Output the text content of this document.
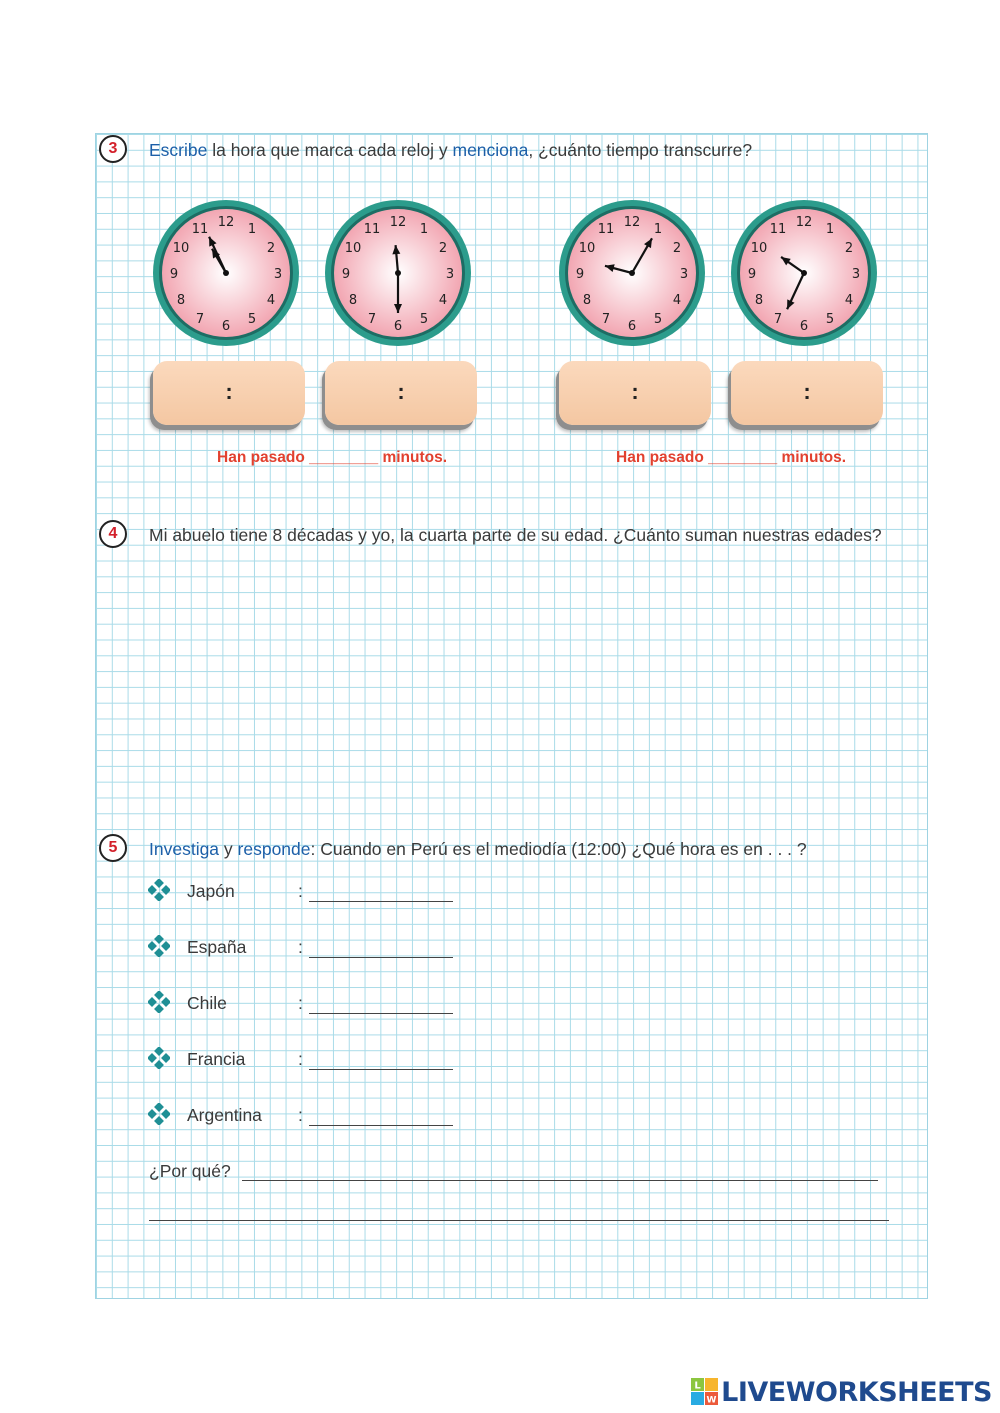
3	Escribe la hora que marca cada reloj y menciona, ¿cuánto tiempo transcurre?
12 1
2
3
4
5
6
7
8
9
10
11	12 1
2
3
4
5
6
7
8
9
10
11	12 1
2
3
4
5
6
7
8
9
10
11	12 1
2
3
4
5
6
7
8
9
10
11
:	:	:	:
Han pasado ________ minutos.	Han pasado ________ minutos.
4	Mi abuelo tiene 8 décadas y yo, la cuarta parte de su edad. ¿Cuánto suman nuestras edades?
5	Investiga y responde: Cuando en Perú es el mediodía (12:00) ¿Qué hora es en . . . ?
Japón	:
España	:
Chile	:
Francia	:
Argentina :
¿Por qué?
L
W LIVEWORKSHEETS
